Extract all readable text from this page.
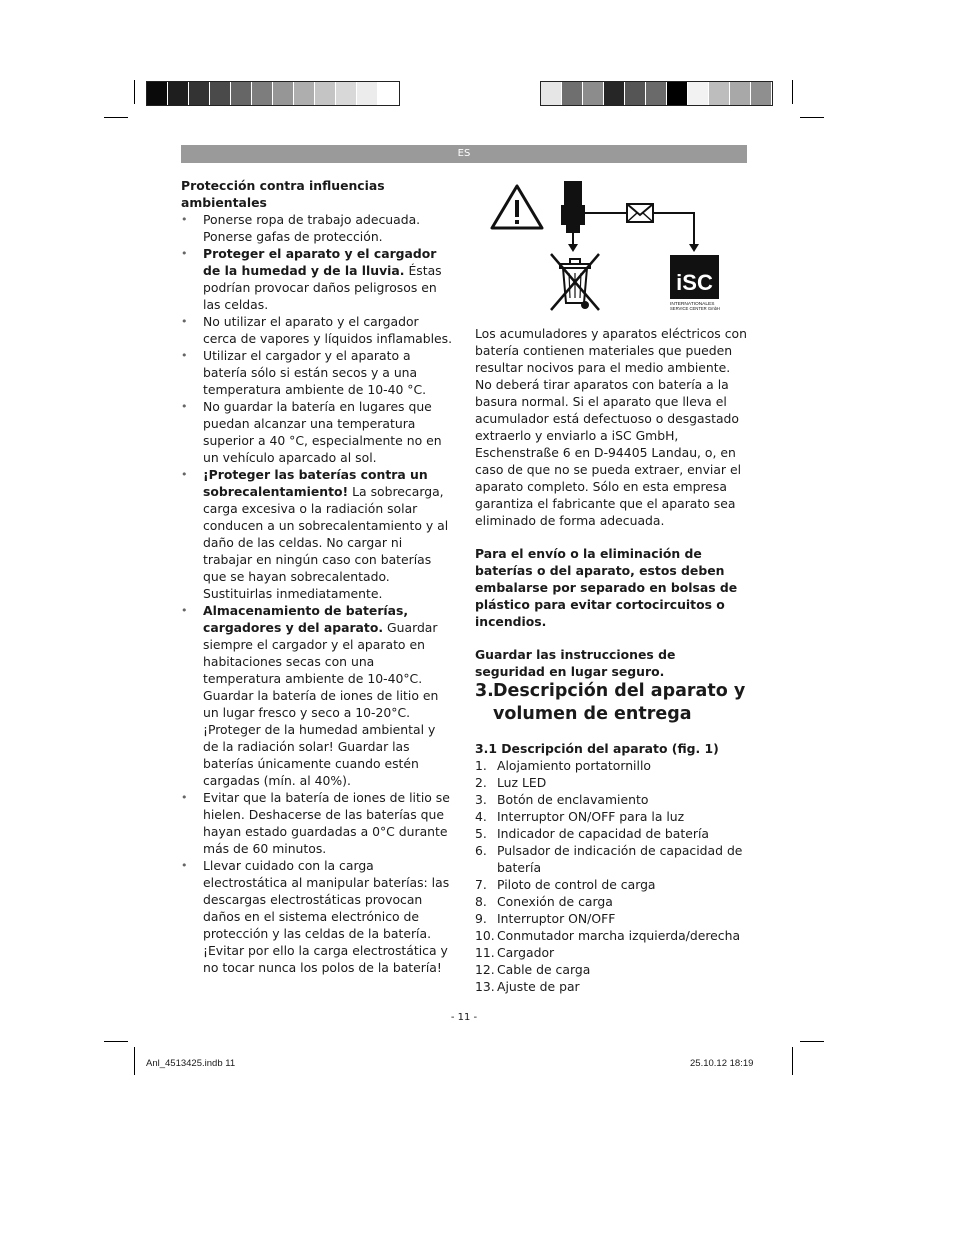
ES

Protección contra influencias ambientales

• Ponerse ropa de trabajo adecuada. Ponerse gafas de protección.
• Proteger el aparato y el cargador de la humedad y de la lluvia. Éstas podrían provocar daños peligrosos en las celdas.
• No utilizar el aparato y el cargador cerca de vapores y líquidos inflamables.
• Utilizar el cargador y el aparato a batería sólo si están secos y a una temperatura ambiente de 10-40 °C.
• No guardar la batería en lugares que puedan alcanzar una temperatura superior a 40 °C, especialmente no en un vehículo aparcado al sol.
• ¡Proteger las baterías contra un sobrecalentamiento! La sobrecarga, carga excesiva o la radiación solar conducen a un sobrecalentamiento y al daño de las celdas. No cargar ni trabajar en ningún caso con baterías que se hayan sobrecalentado. Sustituirlas inmediatamente.
• Almacenamiento de baterías, cargadores y del aparato. Guardar siempre el cargador y el aparato en habitaciones secas con una temperatura ambiente de 10-40°C. Guardar la batería de iones de litio en un lugar fresco y seco a 10-20°C. ¡Proteger de la humedad ambiental y de la radiación solar! Guardar las baterías únicamente cuando estén cargadas (mín. al 40%).
• Evitar que la batería de iones de litio se hielen. Deshacerse de las baterías que hayan estado guardadas a 0°C durante más de 60 minutos.
• Llevar cuidado con la carga electrostática al manipular baterías: las descargas electrostáticas provocan daños en el sistema electrónico de protección y las celdas de la batería. ¡Evitar por ello la carga electrostática y no tocar nunca los polos de la batería!
iSC
INTERNATIONALES
SERVICE CENTER GmbH

Los acumuladores y aparatos eléctricos con batería contienen materiales que pueden resultar nocivos para el medio ambiente. No deberá tirar aparatos con batería a la basura normal. Si el aparato que lleva el acumulador está defectuoso o desgastado extraerlo y enviarlo a iSC GmbH, Eschenstraße 6 en D-94405 Landau, o, en caso de que no se pueda extraer, enviar el aparato completo. Sólo en esta empresa garantiza el fabricante que el aparato sea eliminado de forma adecuada.

Para el envío o la eliminación de baterías o del aparato, estos deben embalarse por separado en bolsas de plástico para evitar cortocircuitos o incendios.

Guardar las instrucciones de seguridad en lugar seguro.

3. Descripción del aparato y volumen de entrega

3.1 Descripción del aparato (fig. 1)

1. Alojamiento portatornillo
2. Luz LED
3. Botón de enclavamiento
4. Interruptor ON/OFF para la luz
5. Indicador de capacidad de batería
6. Pulsador de indicación de capacidad de batería
7. Piloto de control de carga
8. Conexión de carga
9. Interruptor ON/OFF
10. Conmutador marcha izquierda/derecha
11. Cargador
12. Cable de carga
13. Ajuste de par
- 11 -
Anl_4513425.indb 11	25.10.12 18:19
